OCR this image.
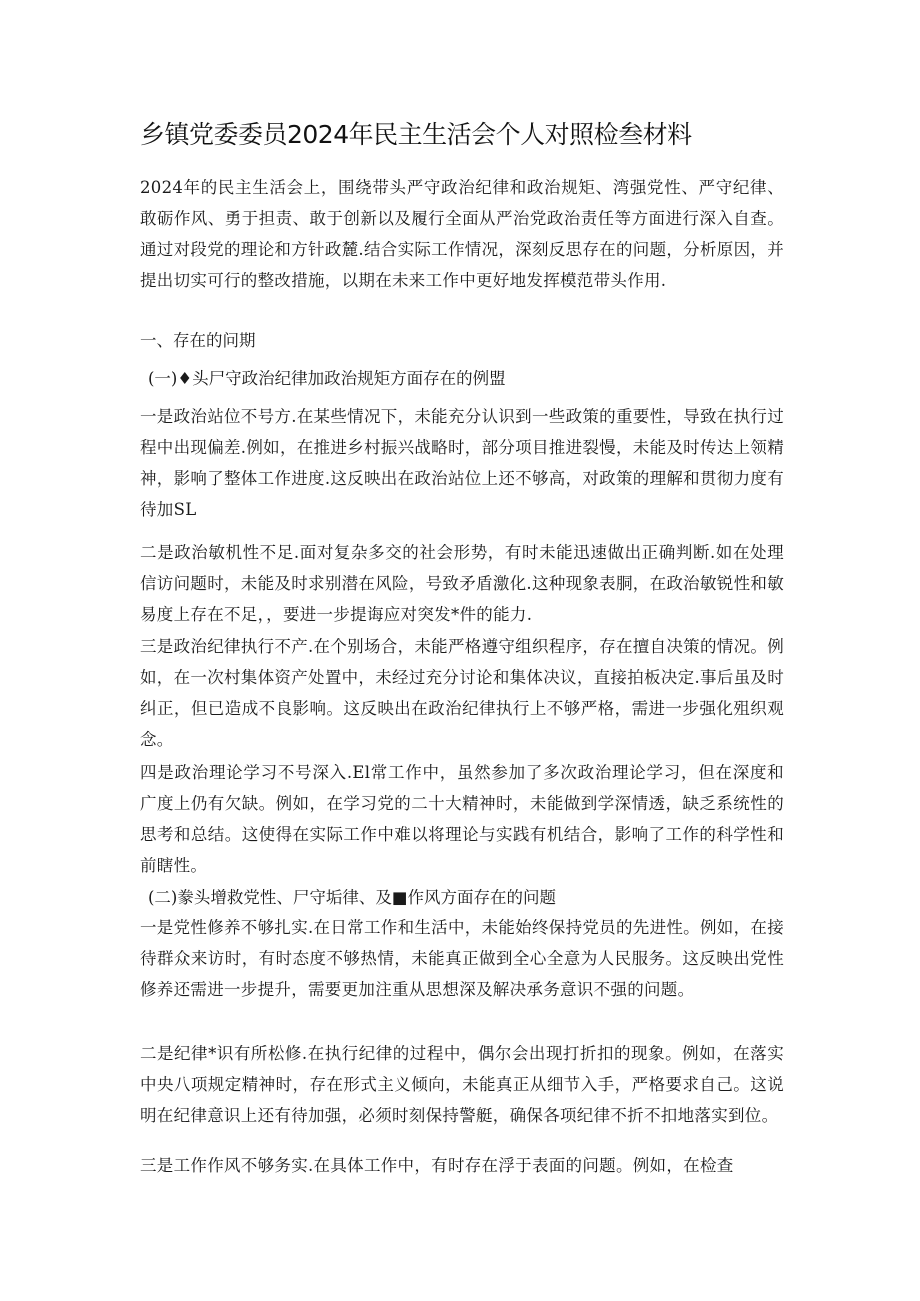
乡镇党委委员2024年民主生活会个人对照检叁材料
2024年的民主生活会上，围绕带头严守政治纪律和政治规矩、湾强党性、严守纪律、敢砺作风、勇于担责、敢于创新以及履行全面从严治党政治责任等方面进行深入自查。通过对段党的理论和方针政麓.结合实际工作情况，深刻反思存在的问题，分析原因，并提出切实可行的整改措施，以期在未来工作中更好地发挥模范带头作用.
一、存在的问期
(一)♦头尸守政治纪律加政治规矩方面存在的例盟
一是政治站位不号方.在某些情况下，未能充分认识到一些政策的重要性，导致在执行过程中出现偏差.例如，在推进乡村振兴战略时，部分项目推进裂慢，未能及时传达上领精神，影响了整体工作进度.这反映出在政治站位上还不够高，对政策的理解和贯彻力度有待加SL
二是政治敏机性不足.面对复杂多交的社会形势，有时未能迅速做出正确判断.如在处理信访问题时，未能及时求别潜在风险，号致矛盾激化.这种现象表胴，在政治敏锐性和敏易度上存在不足，，要进一步提诲应对突发*件的能力.
三是政治纪律执行不产.在个别场合，未能严格遵守组织程序，存在擅自决策的情况。例如，在一次村集体资产处置中，未经过充分讨论和集体决议，直接拍板决定.事后虽及时纠正，但已造成不良影响。这反映出在政治纪律执行上不够严格，需进一步强化殂织观念。
四是政治理论学习不号深入.El常工作中，虽然参加了多次政治理论学习，但在深度和广度上仍有欠缺。例如，在学习党的二十大精神时，未能做到学深情透，缺乏系统性的思考和总结。这使得在实际工作中难以将理论与实践有机结合，影响了工作的科学性和前瞎性。
(二)豢头增救党性、尸守垢律、及■作风方面存在的问题
一是党性修养不够扎实.在日常工作和生活中，未能始终保持党员的先进性。例如，在接待群众来访时，有时态度不够热情，未能真正做到全心全意为人民服务。这反映出党性修养还需进一步提升，需要更加注重从思想深及解决承务意识不强的问题。
二是纪律*识有所松修.在执行纪律的过程中，偶尔会出现打折扣的现象。例如，在落实中央八项规定精神时，存在形式主义倾向，未能真正从细节入手，严格要求自己。这说明在纪律意识上还有待加强，必须时刻保持警艇，确保各项纪律不折不扣地落实到位。
三是工作作风不够务实.在具体工作中，有时存在浮于表面的问题。例如，在检查
